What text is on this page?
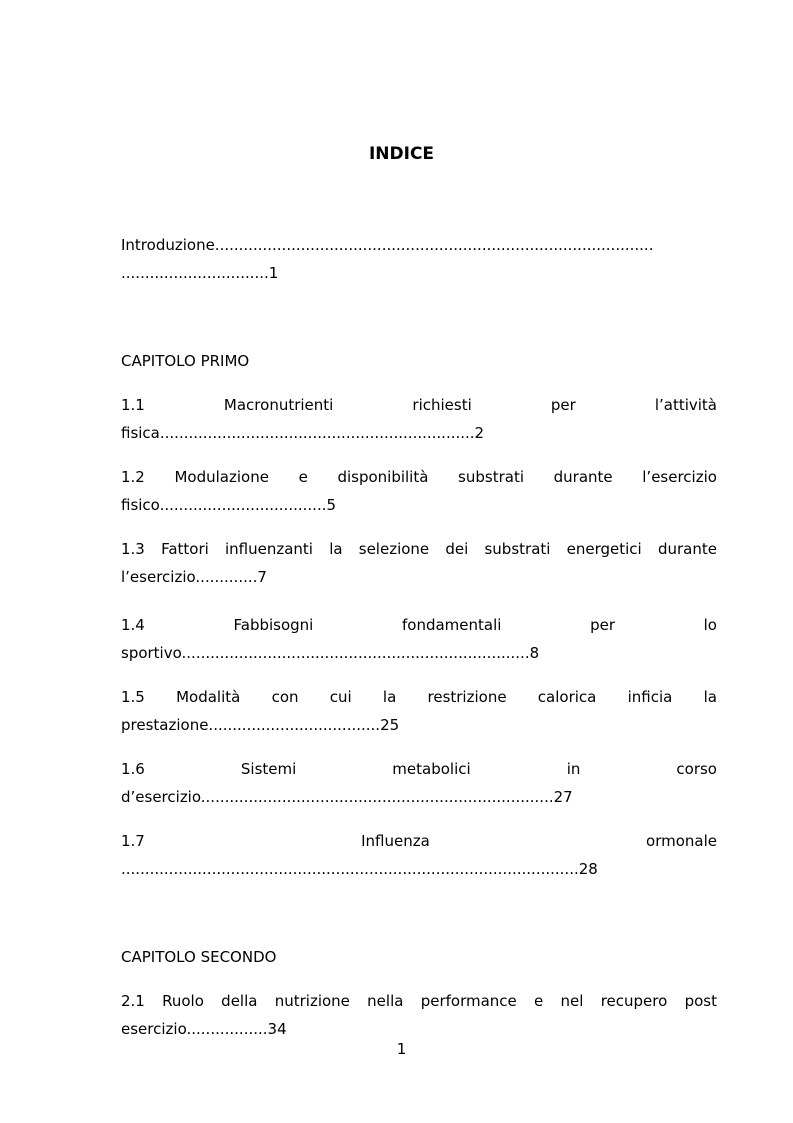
INDICE
Introduzione............................................................................................
...............................1
CAPITOLO PRIMO
1.1	Macronutrienti	richiesti	per	l’attività
fisica..................................................................2
1.2 Modulazione e disponibilità substrati durante l’esercizio
fisico...................................5
1.3 Fattori influenzanti la selezione dei substrati energetici durante
l’esercizio.............7
1.4	Fabbisogni	fondamentali	per	lo
sportivo.........................................................................8
1.5 Modalità con cui la restrizione calorica inficia la
prestazione....................................25
1.6	Sistemi	metabolici	in	corso
d’esercizio..........................................................................27
1.7	Influenza	ormonale
................................................................................................28
CAPITOLO SECONDO
2.1 Ruolo della nutrizione nella performance e nel recupero post
esercizio.................34
1
